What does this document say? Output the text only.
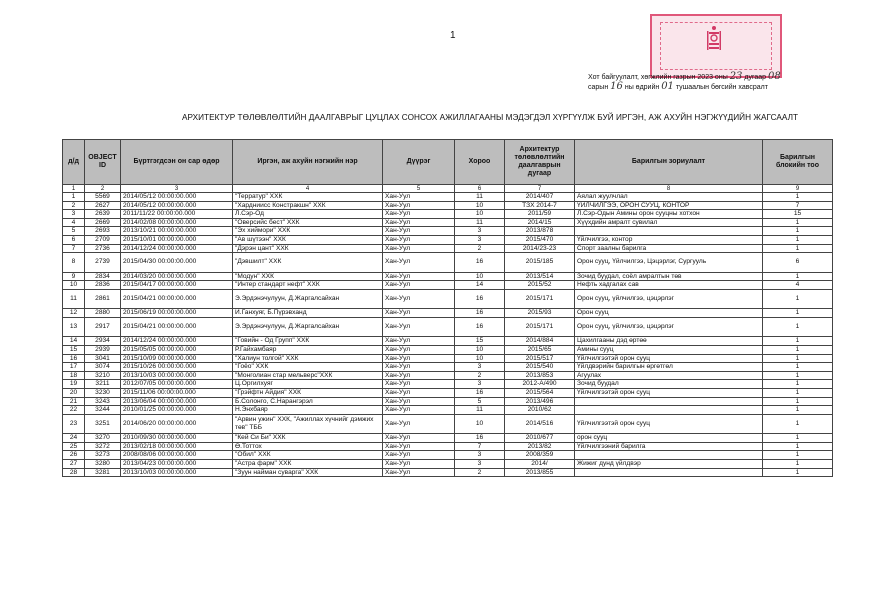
1
Хот байгуулалт, хөгжлийн газрын 2023 оны 23 дугаар 08
сарын 16 ны өдрийн 01 тушаалын бөгсийн хавсралт
АРХИТЕКТУР ТӨЛӨВЛӨЛТИЙН ДААЛГАВРЫГ ЦУЦЛАХ СОНСОХ АЖИЛЛАГААНЫ МЭДЭГДЭЛ ХҮРГҮҮЛЖ БУЙ ИРГЭН, АЖ АХУЙН НЭГЖҮҮДИЙН ЖАГСААЛТ
д/д	OBJECT ID	Бүртгэгдсэн он сар өдөр	Иргэн, аж ахуйн нэгжийн нэр	Дүүрэг	Хороо	Архитектур төлөвлөлтийн даалгаврын дугаар	Барилгын зориулалт	Барилгын блокийн тоо
1	2	3	4	5	6	7	8	9
1	5569	2014/05/12 00:00:00.000	"Терратур" ХХК	Хан-Уул	11	2014/407	Аялал жуулчлал	1
2	2627	2014/05/12 00:00:00.000	"Хардниисс Констракшн" ХХК	Хан-Уул	10	ТЗХ 2014-7	ҮЙЛЧИЛГЭЭ, ОРОН СУУЦ, КОНТОР	7
3	2639	2011/11/22 00:00:00.000	Л.Сэр-Од	Хан-Уул	10	2011/59	Л.Сэр-Одын Амины орон сууцны хотхон	15
4	2669	2014/02/08 00:00:00.000	"Оверсийс бест" ХХК	Хан-Уул	11	2014/15	Хүүхдийн амралт сувилал	1
5	2693	2013/10/21 00:00:00.000	"Эх хиймори" ХХК	Хан-Уул	3	2013/878		1
6	2709	2015/10/01 00:00:00.000	"Ав шүтээн" ХХК	Хан-Уул	3	2015/470	Үйлчилгээ, контор	1
7	2736	2014/12/24 00:00:00.000	"Дэрэн цант" ХХК	Хан-Уул	2	2014/23-23	Спорт заалны барилга	1
8	2739	2015/04/30 00:00:00.000	"Дэвшилт" ХХК	Хан-Уул	16	2015/185	Орон сууц, Үйлчилгээ, Цэцэрлэг, Сургууль	6
9	2834	2014/03/20 00:00:00.000	"Модун" ХХК	Хан-Уул	10	2013/514	Зочид буудал, соёл амралтын төв	1
10	2836	2015/04/17 00:00:00.000	"Интер стандарт нефт" ХХК	Хан-Уул	14	2015/52	Нефть хадгалах сав	4
11	2861	2015/04/21 00:00:00.000	Э.Эрдэнэчулуун, Д.Жаргалсайхан	Хан-Уул	16	2015/171	Орон сууц, үйлчилгээ, цэцэрлэг	1
12	2880	2015/06/19 00:00:00.000	И.Ганхуяг, Б.Пүрэвханд	Хан-Уул	16	2015/93	Орон сууц	1
13	2917	2015/04/21 00:00:00.000	Э.Эрдэнэчулуун, Д.Жаргалсайхан	Хан-Уул	16	2015/171	Орон сууц, үйлчилгээ, цэцэрлэг	1
14	2934	2014/12/24 00:00:00.000	"Говийн - Од Групп" ХХК	Хан-Уул	15	2014/884	Цахилгааны дэд өртөө	1
15	2939	2015/05/05 00:00:00.000	Р.Гайхамбаяр	Хан-Уул	10	2015/65	Амины сууц	1
16	3041	2015/10/09 00:00:00.000	"Халиун толгой" ХХК	Хан-Уул	10	2015/517	Үйлчилгээтэй орон сууц	1
17	3074	2015/10/26 00:00:00.000	"Гоёо" ХХК	Хан-Уул	3	2015/540	Үйлдвэрийн барилгын өргөтгөл	1
18	3210	2013/10/03 00:00:00.000	"Монголиан стар мельверс"ХХК	Хан-Уул	2	2013/853	Агуулах	1
19	3211	2012/07/05 00:00:00.000	Ц.Оргилхуяг	Хан-Уул	3	2012-А/490	Зочид буудал	1
20	3230	2015/11/06 00:00:00.000	"Грэйфтн Айдия" ХХК	Хан-Уул	16	2015/564	Үйлчилгээтэй орон сууц	1
21	3243	2013/06/04 00:00:00.000	Б.Солонго, С.Нарангэрэл	Хан-Уул	5	2013/496		1
22	3244	2010/01/25 00:00:00.000	Н.Энхбаяр	Хан-Уул	11	2010/62		1
23	3251	2014/06/20 00:00:00.000	"Арвин ужин" ХХК, "Ажиллах хүчнийг дэмжих төв" ТББ	Хан-Уул	10	2014/516	Үйлчилгээтэй орон сууц	1
24	3270	2010/09/30 00:00:00.000	"Кей Си Би" ХХК	Хан-Уул	16	2010/677	орон сууц	1
25	3272	2013/02/18 00:00:00.000	Ө.Тоттох	Хан-Уул	7	2013/82	Үйлчилгээний барилга	1
26	3273	2008/08/06 00:00:00.000	"Обил" ХХК	Хан-Уул	3	2008/359		1
27	3280	2013/04/23 00:00:00.000	"Астра фарм" ХХК	Хан-Уул	3	2014/	Жижиг дунд үйлдвэр	1
28	3281	2013/10/03 00:00:00.000	"Зуун найман суварга" ХХК	Хан-Уул	2	2013/855		1
